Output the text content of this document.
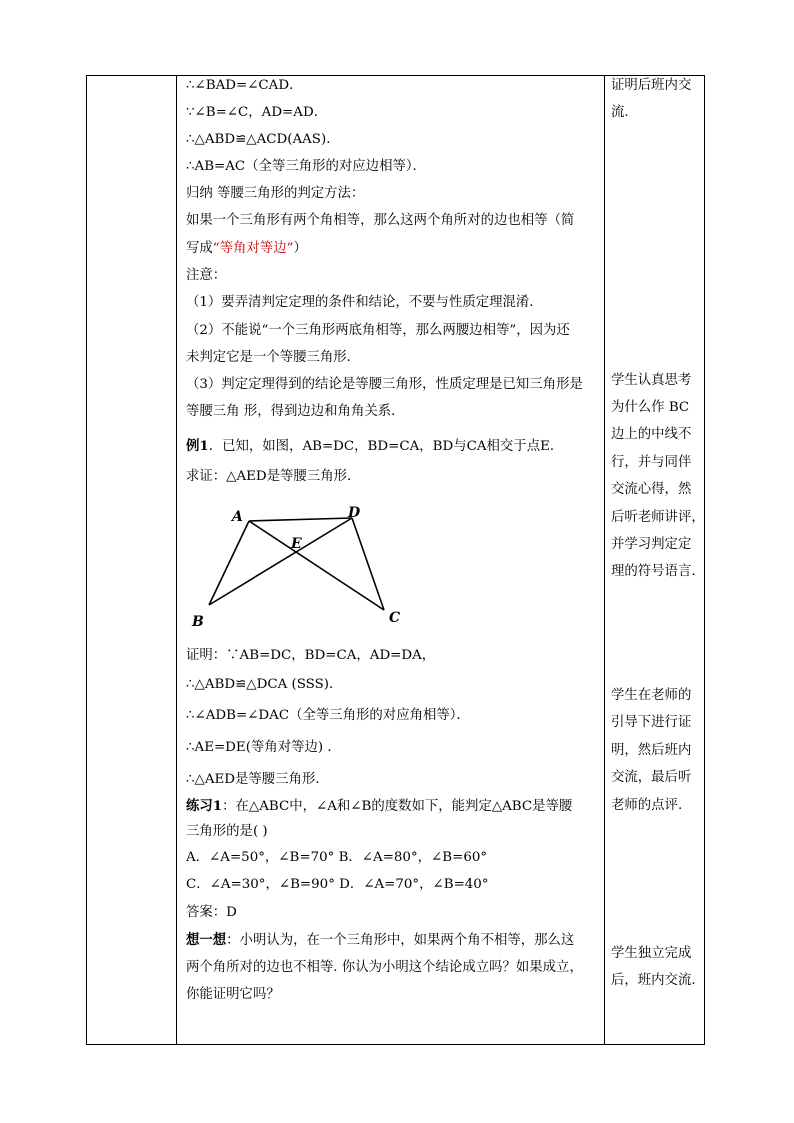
∴∠BAD=∠CAD．
∵∠B=∠C，AD=AD．
∴△ABD≌△ACD(AAS)．
∴AB=AC（全等三角形的对应边相等）．
归纳 等腰三角形的判定方法：
如果一个三角形有两个角相等，那么这两个角所对的边也相等（简
写成“等角对等边”）
注意：
（1）要弄清判定定理的条件和结论，不要与性质定理混淆．
（2）不能说“一个三角形两底角相等，那么两腰边相等”，因为还
未判定它是一个等腰三角形．
（3）判定定理得到的结论是等腰三角形，性质定理是已知三角形是
等腰三角 形，得到边边和角角关系．
例1．已知，如图，AB=DC，BD=CA，BD与CA相交于点E．
求证：△AED是等腰三角形．
A	D
E
B	C
证明：∵AB=DC，BD=CA，AD=DA，
∴△ABD≌△DCA (SSS)．
∴∠ADB=∠DAC（全等三角形的对应角相等）．
∴AE=DE(等角对等边) ．
∴△AED是等腰三角形．
练习1：在△ABC中，∠A和∠B的度数如下，能判定△ABC是等腰
三角形的是( )
A．∠A=50°，∠B=70° B．∠A=80°，∠B=60°
C．∠A=30°，∠B=90° D．∠A=70°，∠B=40°
答案：D
想一想：小明认为，在一个三角形中，如果两个角不相等，那么这
两个角所对的边也不相等. 你认为小明这个结论成立吗？如果成立，
你能证明它吗？
证明后班内交
流.
学生认真思考
为什么作 BC
边上的中线不
行，并与同伴
交流心得，然
后听老师讲评，
并学习判定定
理的符号语言.
学生在老师的
引导下进行证
明，然后班内
交流，最后听
老师的点评.
学生独立完成
后，班内交流.
